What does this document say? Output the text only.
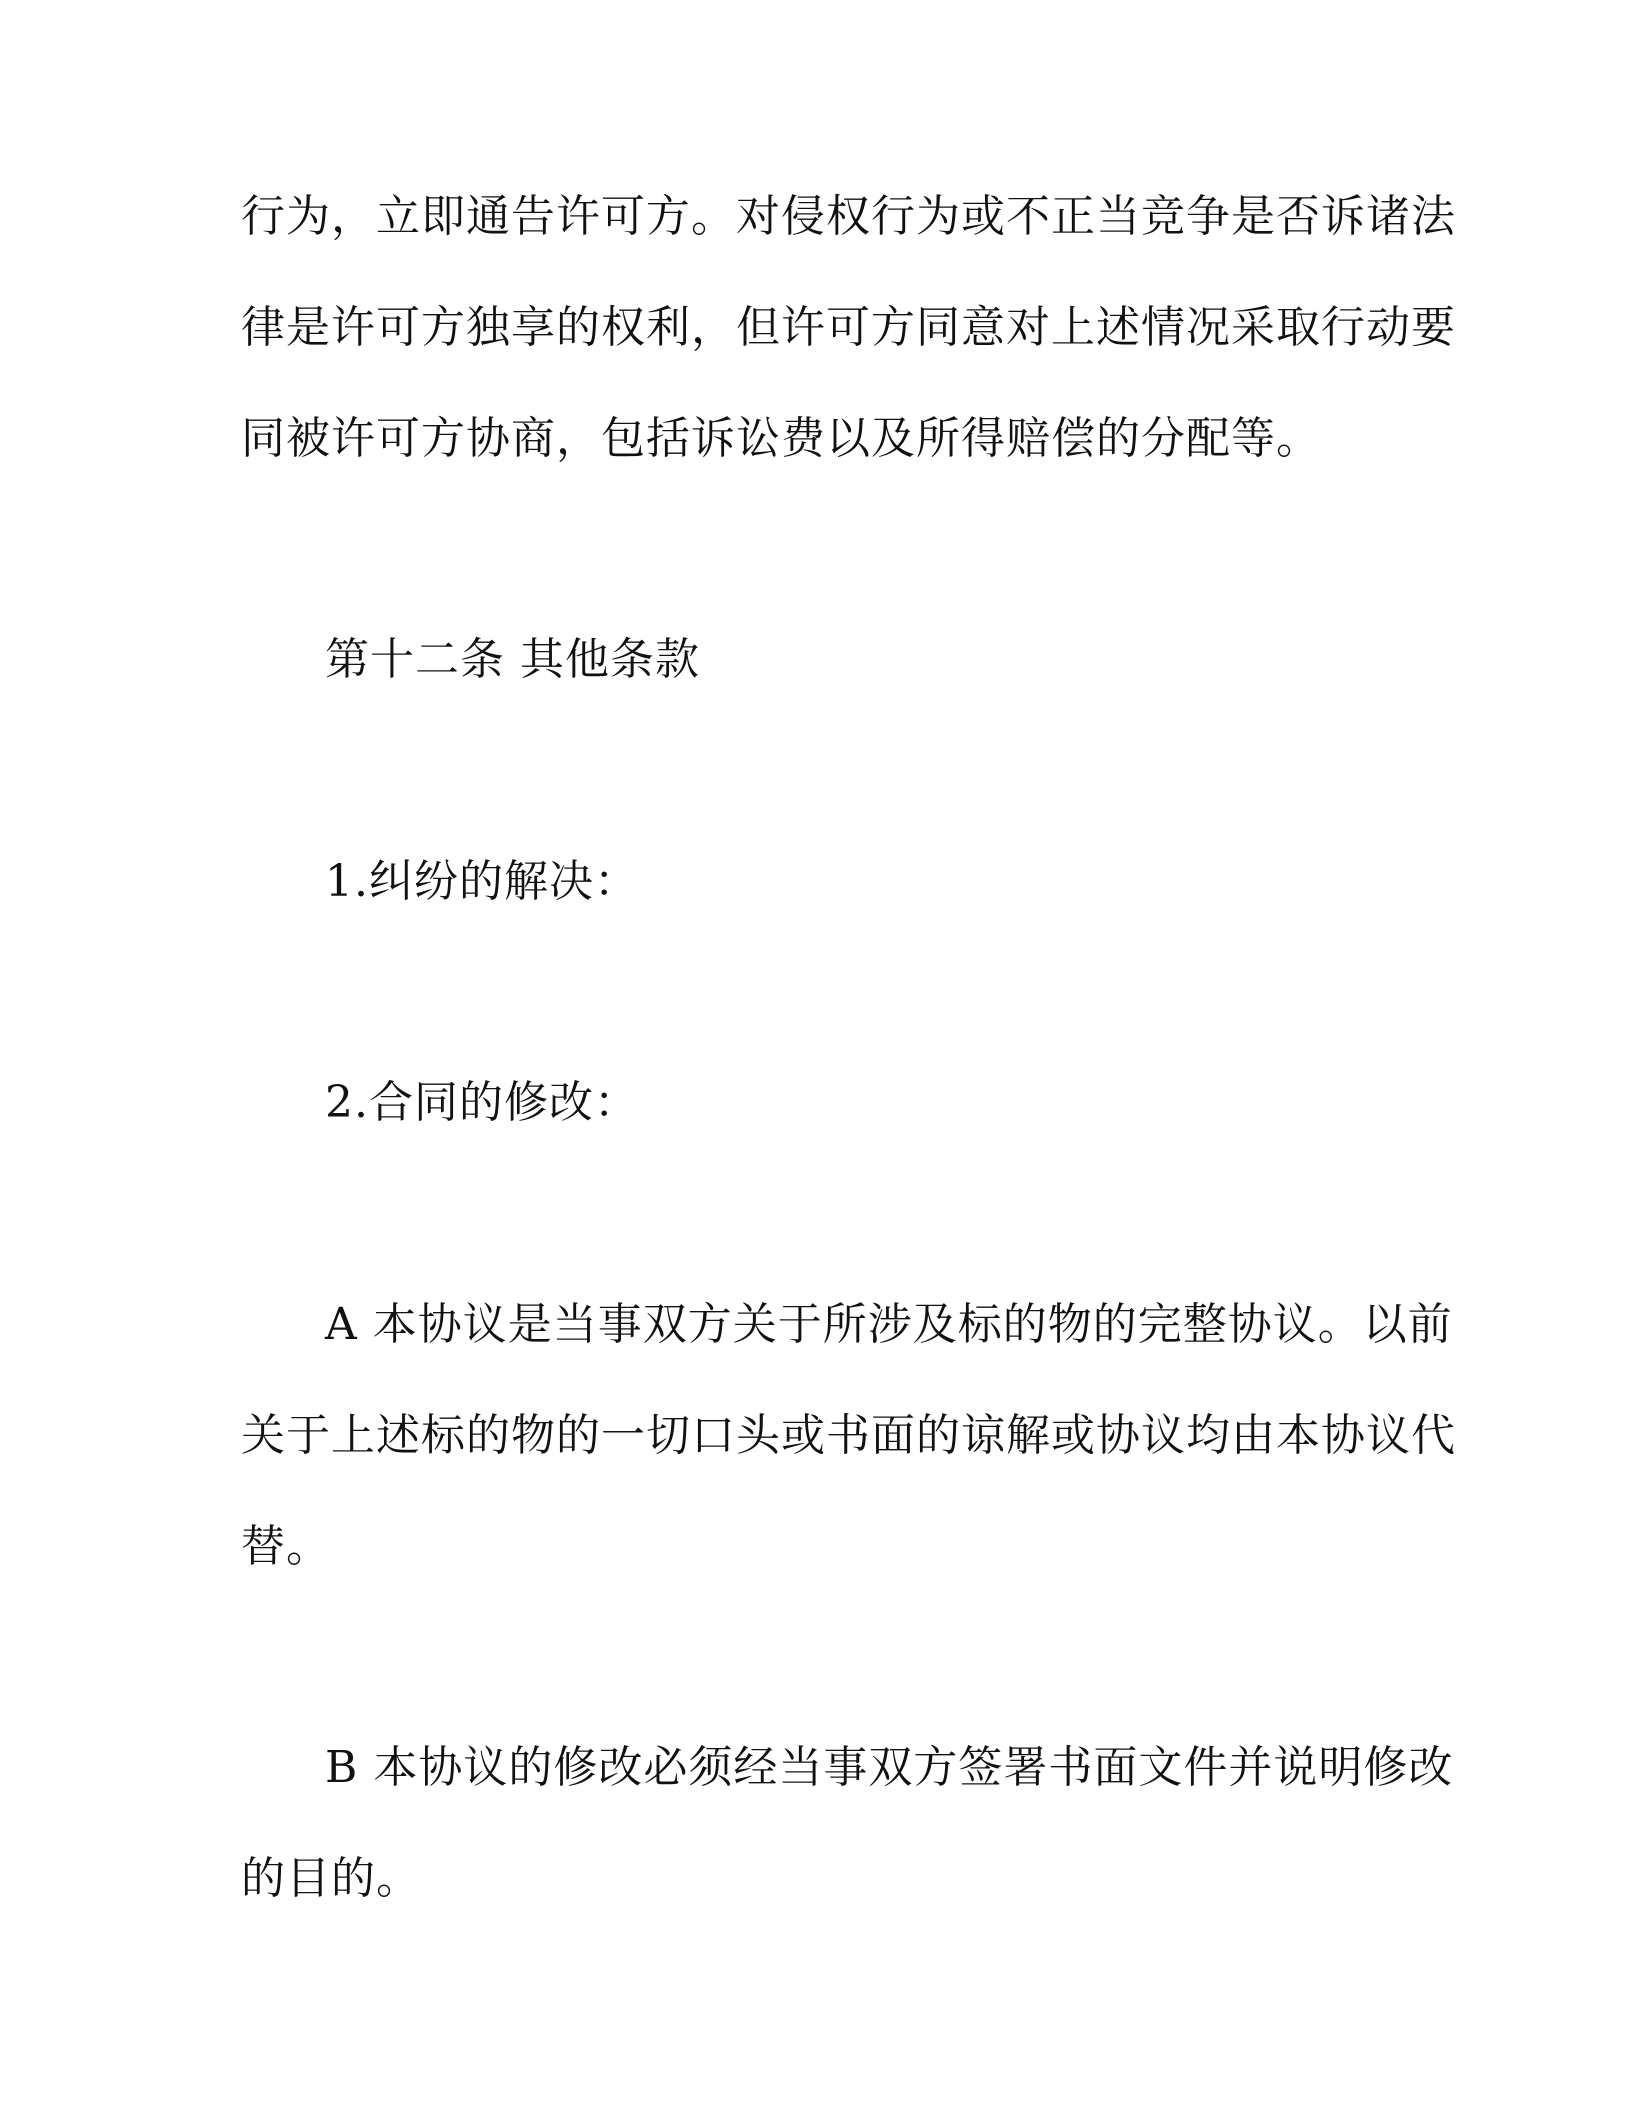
行为，立即通告许可方。对侵权行为或不正当竞争是否诉诸法
律是许可方独享的权利，但许可方同意对上述情况采取行动要
同被许可方协商，包括诉讼费以及所得赔偿的分配等。
第十二条 其他条款
1.纠纷的解决：
2.合同的修改：
A 本协议是当事双方关于所涉及标的物的完整协议。以前
关于上述标的物的一切口头或书面的谅解或协议均由本协议代
替。
B 本协议的修改必须经当事双方签署书面文件并说明修改
的目的。
